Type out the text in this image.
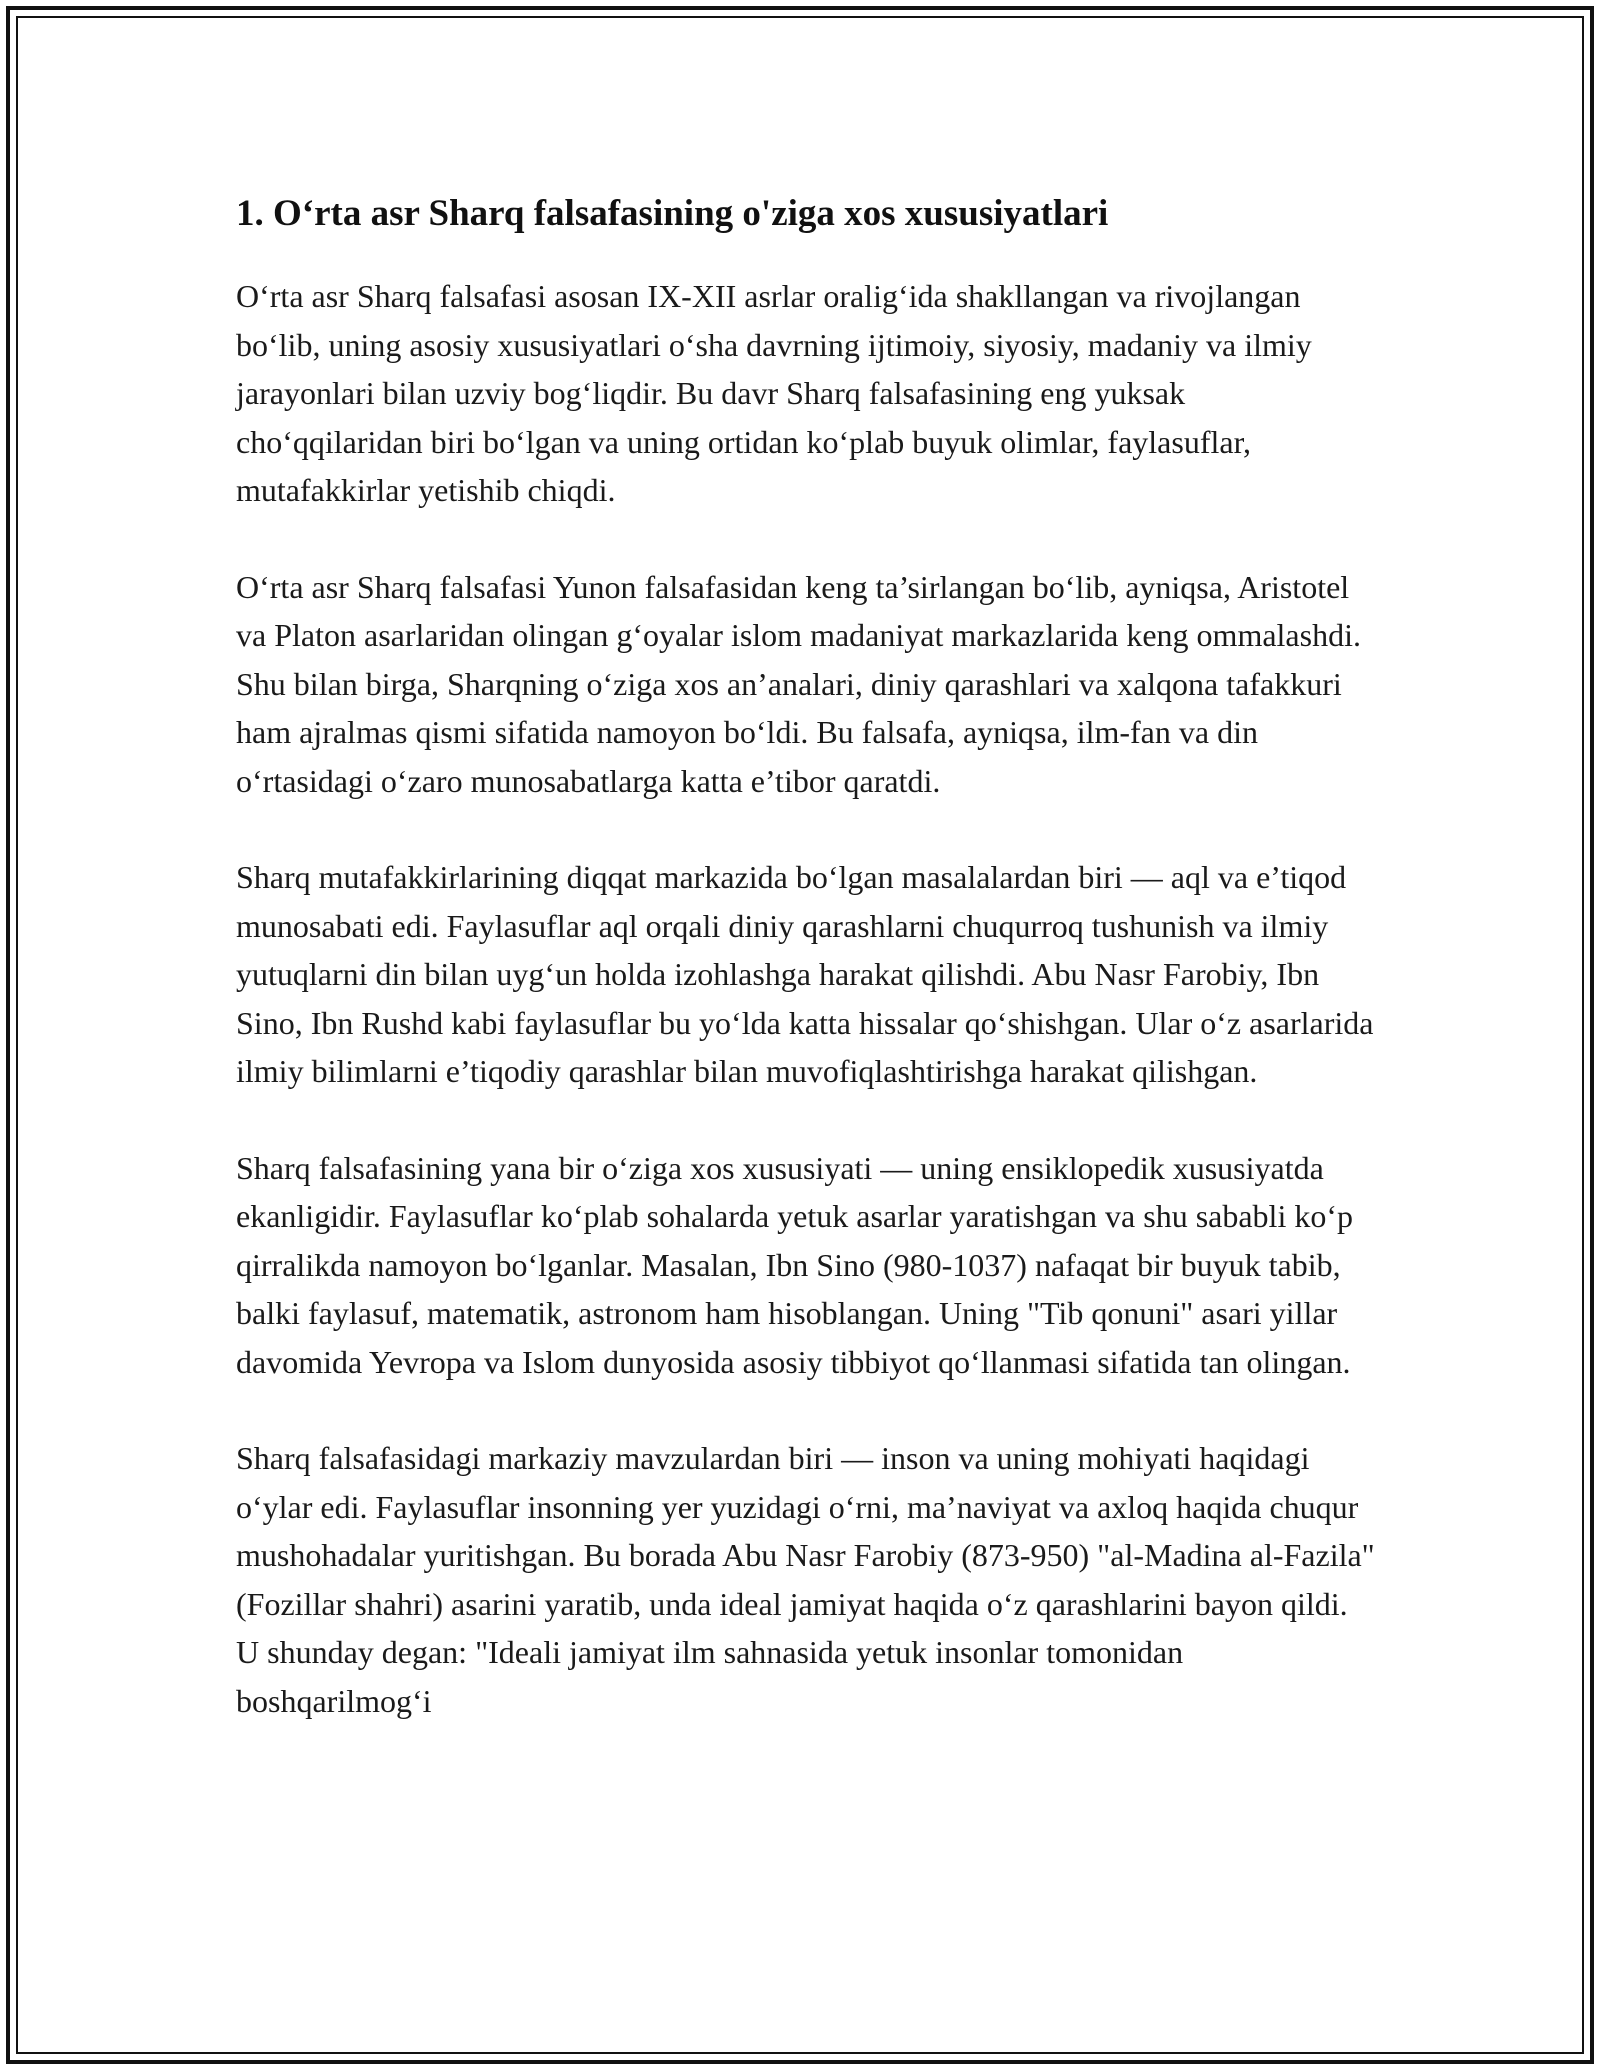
1. O‘rta asr Sharq falsafasining o'ziga xos xususiyatlari

O‘rta asr Sharq falsafasi asosan IX-XII asrlar oralig‘ida shakllangan va rivojlangan bo‘lib, uning asosiy xususiyatlari o‘sha davrning ijtimoiy, siyosiy, madaniy va ilmiy jarayonlari bilan uzviy bog‘liqdir. Bu davr Sharq falsafasining eng yuksak cho‘qqilaridan biri bo‘lgan va uning ortidan ko‘plab buyuk olimlar, faylasuflar, mutafakkirlar yetishib chiqdi.

O‘rta asr Sharq falsafasi Yunon falsafasidan keng ta’sirlangan bo‘lib, ayniqsa, Aristotel va Platon asarlaridan olingan g‘oyalar islom madaniyat markazlarida keng ommalashdi. Shu bilan birga, Sharqning o‘ziga xos an’analari, diniy qarashlari va xalqona tafakkuri ham ajralmas qismi sifatida namoyon bo‘ldi. Bu falsafa, ayniqsa, ilm-fan va din o‘rtasidagi o‘zaro munosabatlarga katta e’tibor qaratdi.

Sharq mutafakkirlarining diqqat markazida bo‘lgan masalalardan biri — aql va e’tiqod munosabati edi. Faylasuflar aql orqali diniy qarashlarni chuqurroq tushunish va ilmiy yutuqlarni din bilan uyg‘un holda izohlashga harakat qilishdi. Abu Nasr Farobiy, Ibn Sino, Ibn Rushd kabi faylasuflar bu yo‘lda katta hissalar qo‘shishgan. Ular o‘z asarlarida ilmiy bilimlarni e’tiqodiy qarashlar bilan muvofiqlashtirishga harakat qilishgan.

Sharq falsafasining yana bir o‘ziga xos xususiyati — uning ensiklopedik xususiyatda ekanligidir. Faylasuflar ko‘plab sohalarda yetuk asarlar yaratishgan va shu sababli ko‘p qirralikda namoyon bo‘lganlar. Masalan, Ibn Sino (980-1037) nafaqat bir buyuk tabib, balki faylasuf, matematik, astronom ham hisoblangan. Uning "Tib qonuni" asari yillar davomida Yevropa va Islom dunyosida asosiy tibbiyot qo‘llanmasi sifatida tan olingan.

Sharq falsafasidagi markaziy mavzulardan biri — inson va uning mohiyati haqidagi o‘ylar edi. Faylasuflar insonning yer yuzidagi o‘rni, ma’naviyat va axloq haqida chuqur mushohadalar yuritishgan. Bu borada Abu Nasr Farobiy (873-950) "al-Madina al-Fazila" (Fozillar shahri) asarini yaratib, unda ideal jamiyat haqida o‘z qarashlarini bayon qildi. U shunday degan: "Ideali jamiyat ilm sahnasida yetuk insonlar tomonidan boshqarilmog‘i
